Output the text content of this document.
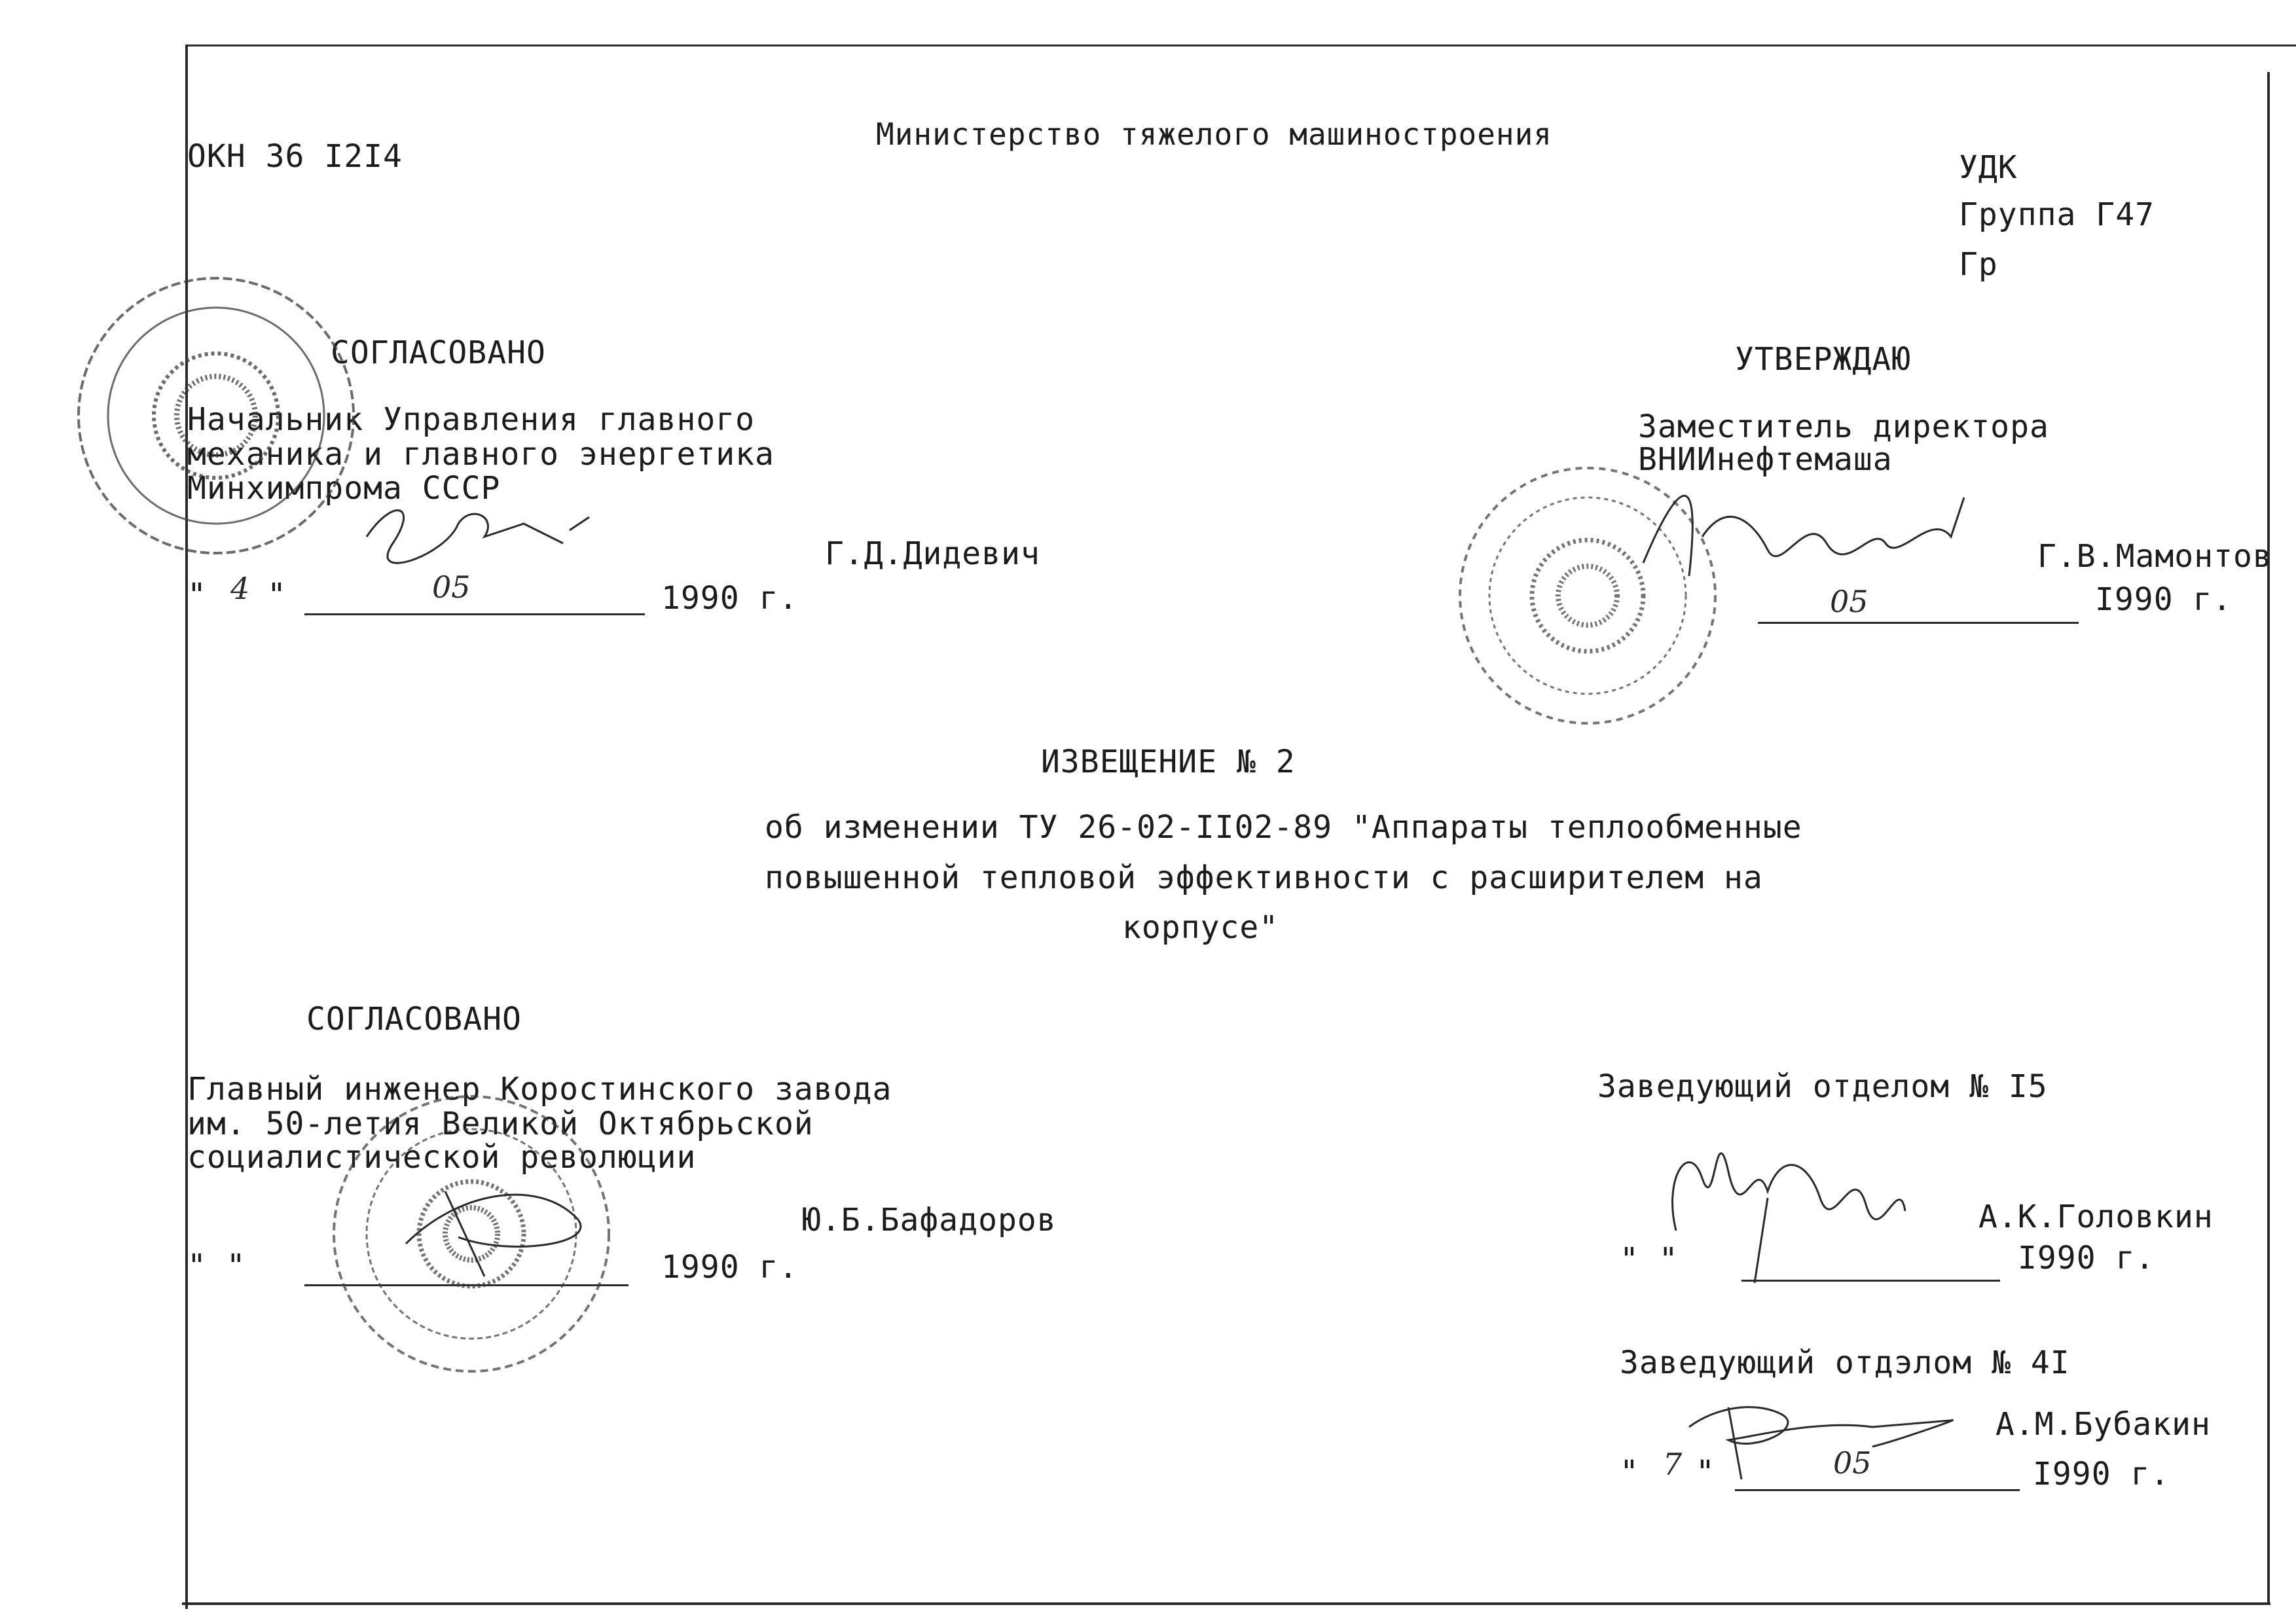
Министерство тяжелого машиностроения
ОКН 36 I2I4	УДК
Группа Г47
Гр
СОГЛАСОВАНО
Начальник Управления главного
механика и главного энергетика
Минхимпрома СССР
Г.Д.Дидевич
" 4 "	05	1990 г.
УТВЕРЖДАЮ
Заместитель директора
ВНИИнефтемаша
Г.В.Мамонтов
05	I990 г.
ИЗВЕЩЕНИЕ № 2
об изменении ТУ 26-02-II02-89 "Аппараты теплообменные
повышенной тепловой эффективности с расширителем на
корпусе"
СОГЛАСОВАНО
Главный инженер Коростинского завода
им. 50-летия Великой Октябрьской
социалистической революции
Ю.Б.Бафадоров
" "	1990 г.
Заведующий отделом № I5
А.К.Головкин
" "	I990 г.
Заведующий отдэлом № 4I
А.М.Бубакин
" 7 "	05	I990 г.
